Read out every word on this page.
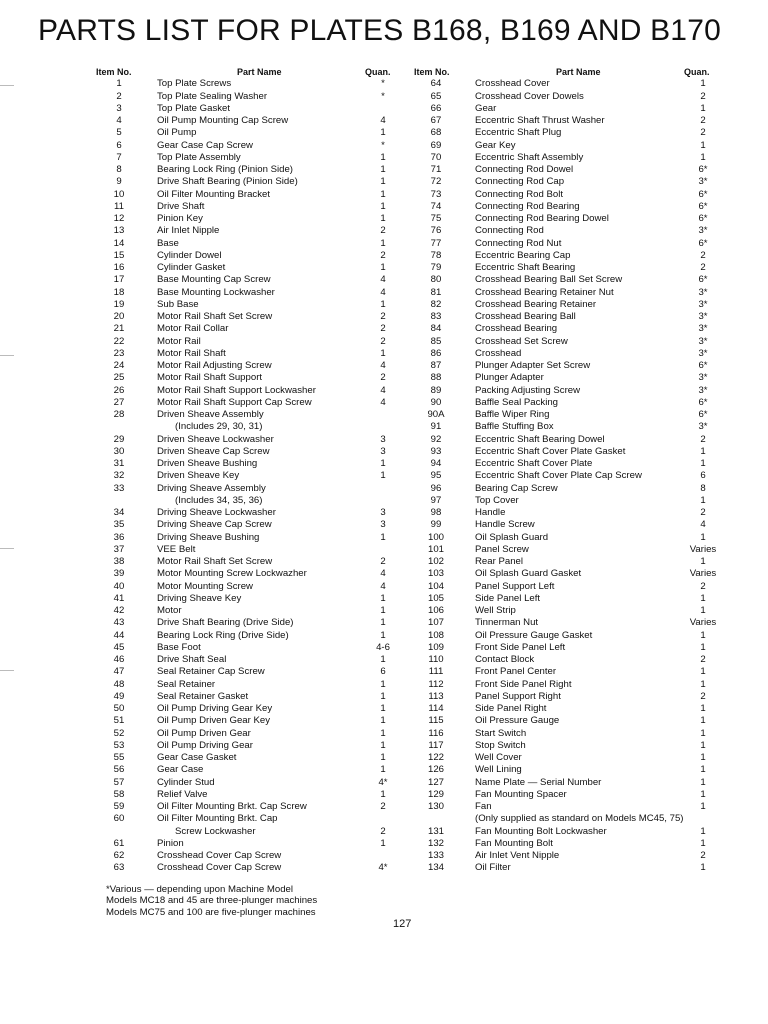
PARTS LIST FOR PLATES B168, B169 AND B170
Item No.	Part Name	Quan.
1	Top Plate Screws	*
2	Top Plate Sealing Washer	*
3	Top Plate Gasket
4	Oil Pump Mounting Cap Screw	4
5	Oil Pump	1
6	Gear Case Cap Screw	*
7	Top Plate Assembly	1
8	Bearing Lock Ring (Pinion Side)	1
9	Drive Shaft Bearing (Pinion Side)	1
10	Oil Filter Mounting Bracket	1
11	Drive Shaft	1
12	Pinion Key	1
13	Air Inlet Nipple	2
14	Base	1
15	Cylinder Dowel	2
16	Cylinder Gasket	1
17	Base Mounting Cap Screw	4
18	Base Mounting Lockwasher	4
19	Sub Base	1
20	Motor Rail Shaft Set Screw	2
21	Motor Rail Collar	2
22	Motor Rail	2
23	Motor Rail Shaft	1
24	Motor Rail Adjusting Screw	4
25	Motor Rail Shaft Support	2
26	Motor Rail Shaft Support Lockwasher	4
27	Motor Rail Shaft Support Cap Screw	4
28	Driven Sheave Assembly
(Includes 29, 30, 31)
29	Driven Sheave Lockwasher	3
30	Driven Sheave Cap Screw	3
31	Driven Sheave Bushing	1
32	Driven Sheave Key	1
33	Driving Sheave Assembly
(Includes 34, 35, 36)
34	Driving Sheave Lockwasher	3
35	Driving Sheave Cap Screw	3
36	Driving Sheave Bushing	1
37	VEE Belt
38	Motor Rail Shaft Set Screw	2
39	Motor Mounting Screw Lockwazher	4
40	Motor Mounting Screw	4
41	Driving Sheave Key	1
42	Motor	1
43	Drive Shaft Bearing (Drive Side)	1
44	Bearing Lock Ring (Drive Side)	1
45	Base Foot	4-6
46	Drive Shaft Seal	1
47	Seal Retainer Cap Screw	6
48	Seal Retainer	1
49	Seal Retainer Gasket	1
50	Oil Pump Driving Gear Key	1
51	Oil Pump Driven Gear Key	1
52	Oil Pump Driven Gear	1
53	Oil Pump Driving Gear	1
55	Gear Case Gasket	1
56	Gear Case	1
57	Cylinder Stud	4*
58	Relief Valve	1
59	Oil Filter Mounting Brkt. Cap Screw	2
60	Oil Filter Mounting Brkt. Cap
Screw Lockwasher	2
61	Pinion	1
62	Crosshead Cover Cap Screw
63	Crosshead Cover Cap Screw	4*
Item No.	Part Name	Quan.
64	Crosshead Cover	1
65	Crosshead Cover Dowels	2
66	Gear	1
67	Eccentric Shaft Thrust Washer	2
68	Eccentric Shaft Plug	2
69	Gear Key	1
70	Eccentric Shaft Assembly	1
71	Connecting Rod Dowel	6*
72	Connecting Rod Cap	3*
73	Connecting Rod Bolt	6*
74	Connecting Rod Bearing	6*
75	Connecting Rod Bearing Dowel	6*
76	Connecting Rod	3*
77	Connecting Rod Nut	6*
78	Eccentric Bearing Cap	2
79	Eccentric Shaft Bearing	2
80	Crosshead Bearing Ball Set Screw	6*
81	Crosshead Bearing Retainer Nut	3*
82	Crosshead Bearing Retainer	3*
83	Crosshead Bearing Ball	3*
84	Crosshead Bearing	3*
85	Crosshead Set Screw	3*
86	Crosshead	3*
87	Plunger Adapter Set Screw	6*
88	Plunger Adapter	3*
89	Packing Adjusting Screw	3*
90	Baffle Seal Packing	6*
90A	Baffle Wiper Ring	6*
91	Baffle Stuffing Box	3*
92	Eccentric Shaft Bearing Dowel	2
93	Eccentric Shaft Cover Plate Gasket	1
94	Eccentric Shaft Cover Plate	1
95	Eccentric Shaft Cover Plate Cap Screw	6
96	Bearing Cap Screw	8
97	Top Cover	1
98	Handle	2
99	Handle Screw	4
100	Oil Splash Guard	1
101	Panel Screw	Varies
102	Rear Panel	1
103	Oil Splash Guard Gasket	Varies
104	Panel Support Left	2
105	Side Panel Left	1
106	Well Strip	1
107	Tinnerman Nut	Varies
108	Oil Pressure Gauge Gasket	1
109	Front Side Panel Left	1
110	Contact Block	2
111	Front Panel Center	1
112	Front Side Panel Right	1
113	Panel Support Right	2
114	Side Panel Right	1
115	Oil Pressure Gauge	1
116	Start Switch	1
117	Stop Switch	1
122	Well Cover	1
126	Well Lining	1
127	Name Plate — Serial Number	1
129	Fan Mounting Spacer	1
130	Fan	1
(Only supplied as standard on Models MC45, 75)
131	Fan Mounting Bolt Lockwasher	1
132	Fan Mounting Bolt	1
133	Air Inlet Vent Nipple	2
134	Oil Filter	1
*Various — depending upon Machine Model
Models MC18 and 45 are three-plunger machines
Models MC75 and 100 are five-plunger machines
127
